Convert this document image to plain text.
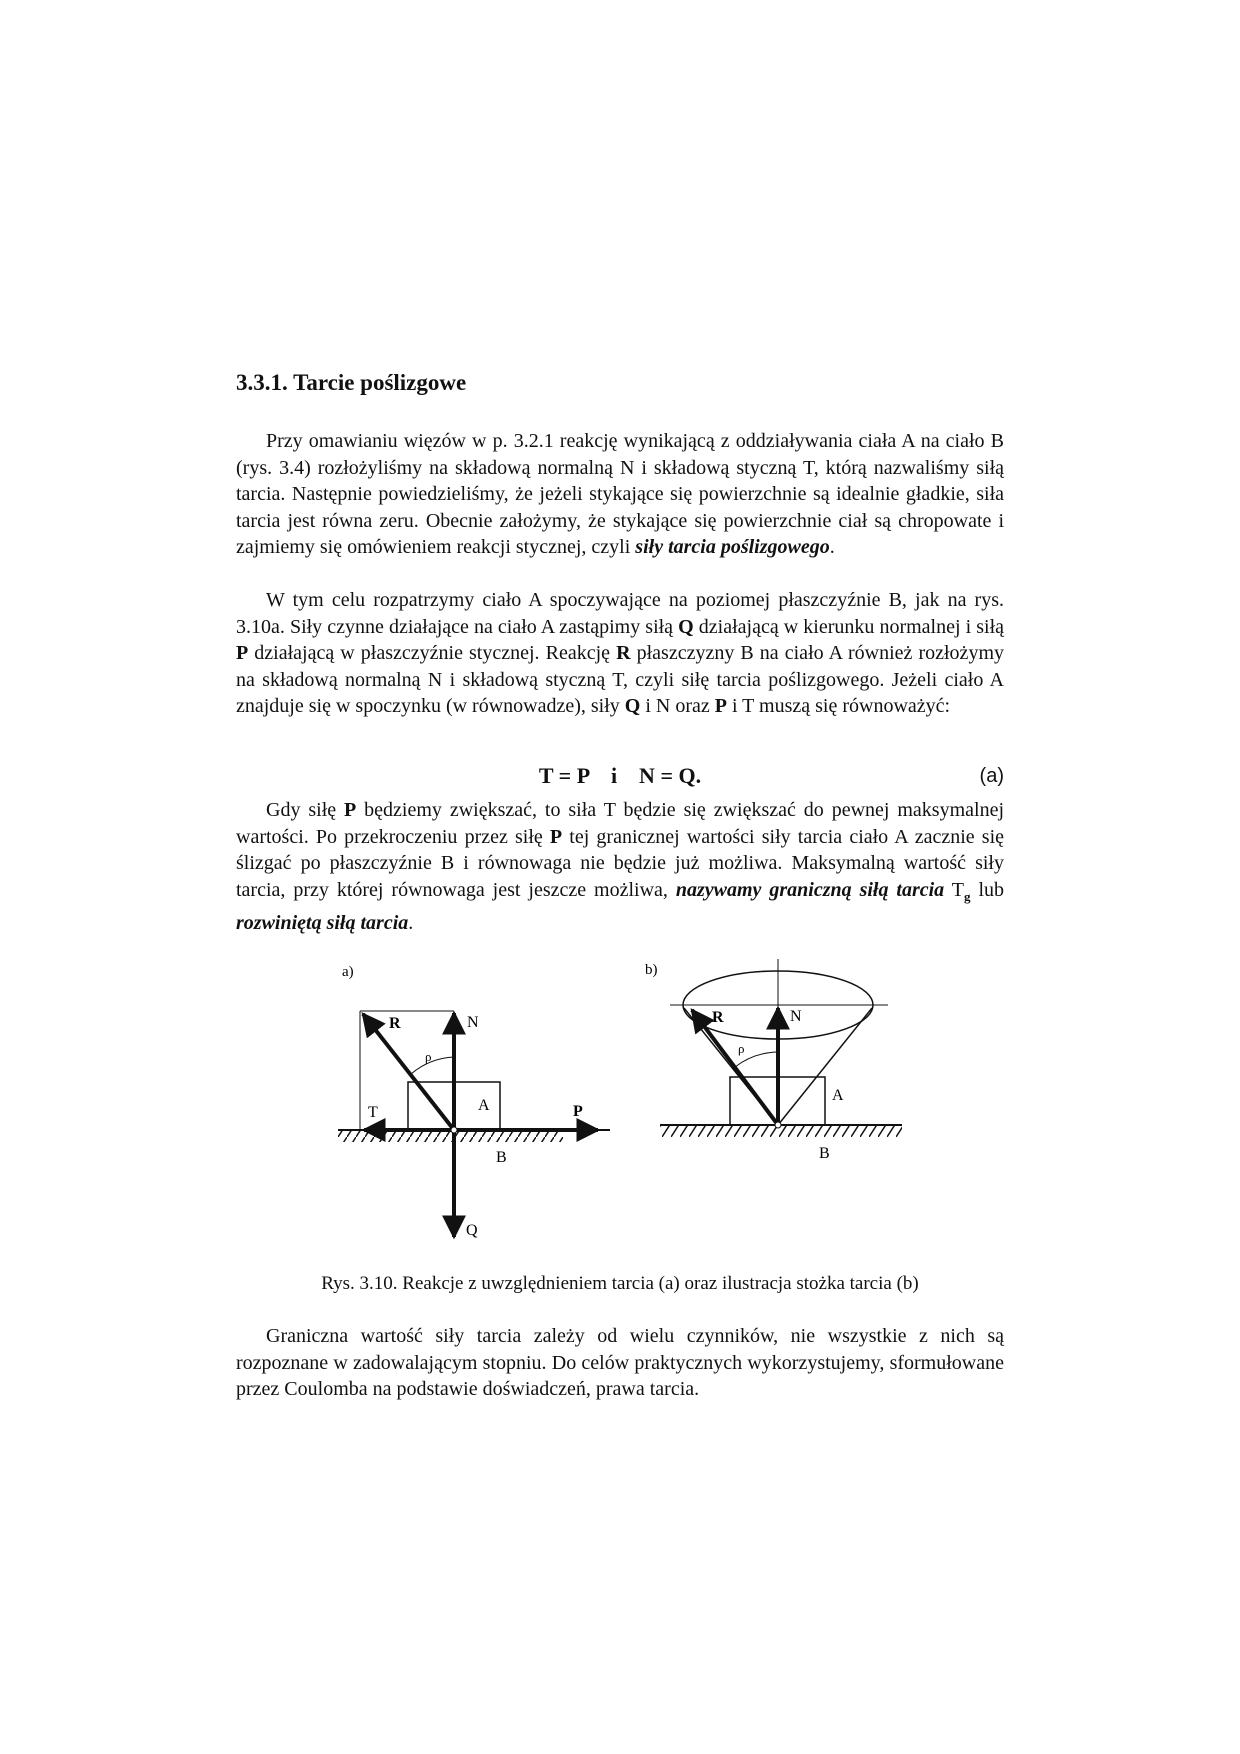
3.3.1. Tarcie poślizgowe

Przy omawianiu więzów w p. 3.2.1 reakcję wynikającą z oddziaływania ciała A na ciało B (rys. 3.4) rozłożyliśmy na składową normalną N i składową styczną T, którą nazwaliśmy siłą tarcia. Następnie powiedzieliśmy, że jeżeli stykające się powierzchnie są idealnie gładkie, siła tarcia jest równa zeru. Obecnie założymy, że stykające się powierzchnie ciał są chropowate i zajmiemy się omówieniem reakcji stycznej, czyli siły tarcia poślizgowego.

W tym celu rozpatrzymy ciało A spoczywające na poziomej płaszczyźnie B, jak na rys. 3.10a. Siły czynne działające na ciało A zastąpimy siłą Q działającą w kierunku normalnej i siłą P działającą w płaszczyźnie stycznej. Reakcję R płaszczyzny B na ciało A również rozłożymy na składową normalną N i składową styczną T, czyli siłę tarcia poślizgowego. Jeżeli ciało A znajduje się w spoczynku (w równowadze), siły Q i N oraz P i T muszą się równoważyć:

T = P    i    N = Q.	(a)

Gdy siłę P będziemy zwiększać, to siła T będzie się zwiększać do pewnej maksymalnej wartości. Po przekroczeniu przez siłę P tej granicznej wartości siły tarcia ciało A zacznie się ślizgać po płaszczyźnie B i równowaga nie będzie już możliwa. Maksymalną wartość siły tarcia, przy której równowaga jest jeszcze możliwa, nazywamy graniczną siłą tarcia $T_g$ lub rozwiniętą siłą tarcia.

a)
R	N
ρ
T	A	P
B
Q
b)
R	N
ρ
A
B
Rys. 3.10. Reakcje z uwzględnieniem tarcia (a) oraz ilustracja stożka tarcia (b)

Graniczna wartość siły tarcia zależy od wielu czynników, nie wszystkie z nich są rozpoznane w zadowalającym stopniu. Do celów praktycznych wykorzystujemy, sformułowane przez Coulomba na podstawie doświadczeń, prawa tarcia.
